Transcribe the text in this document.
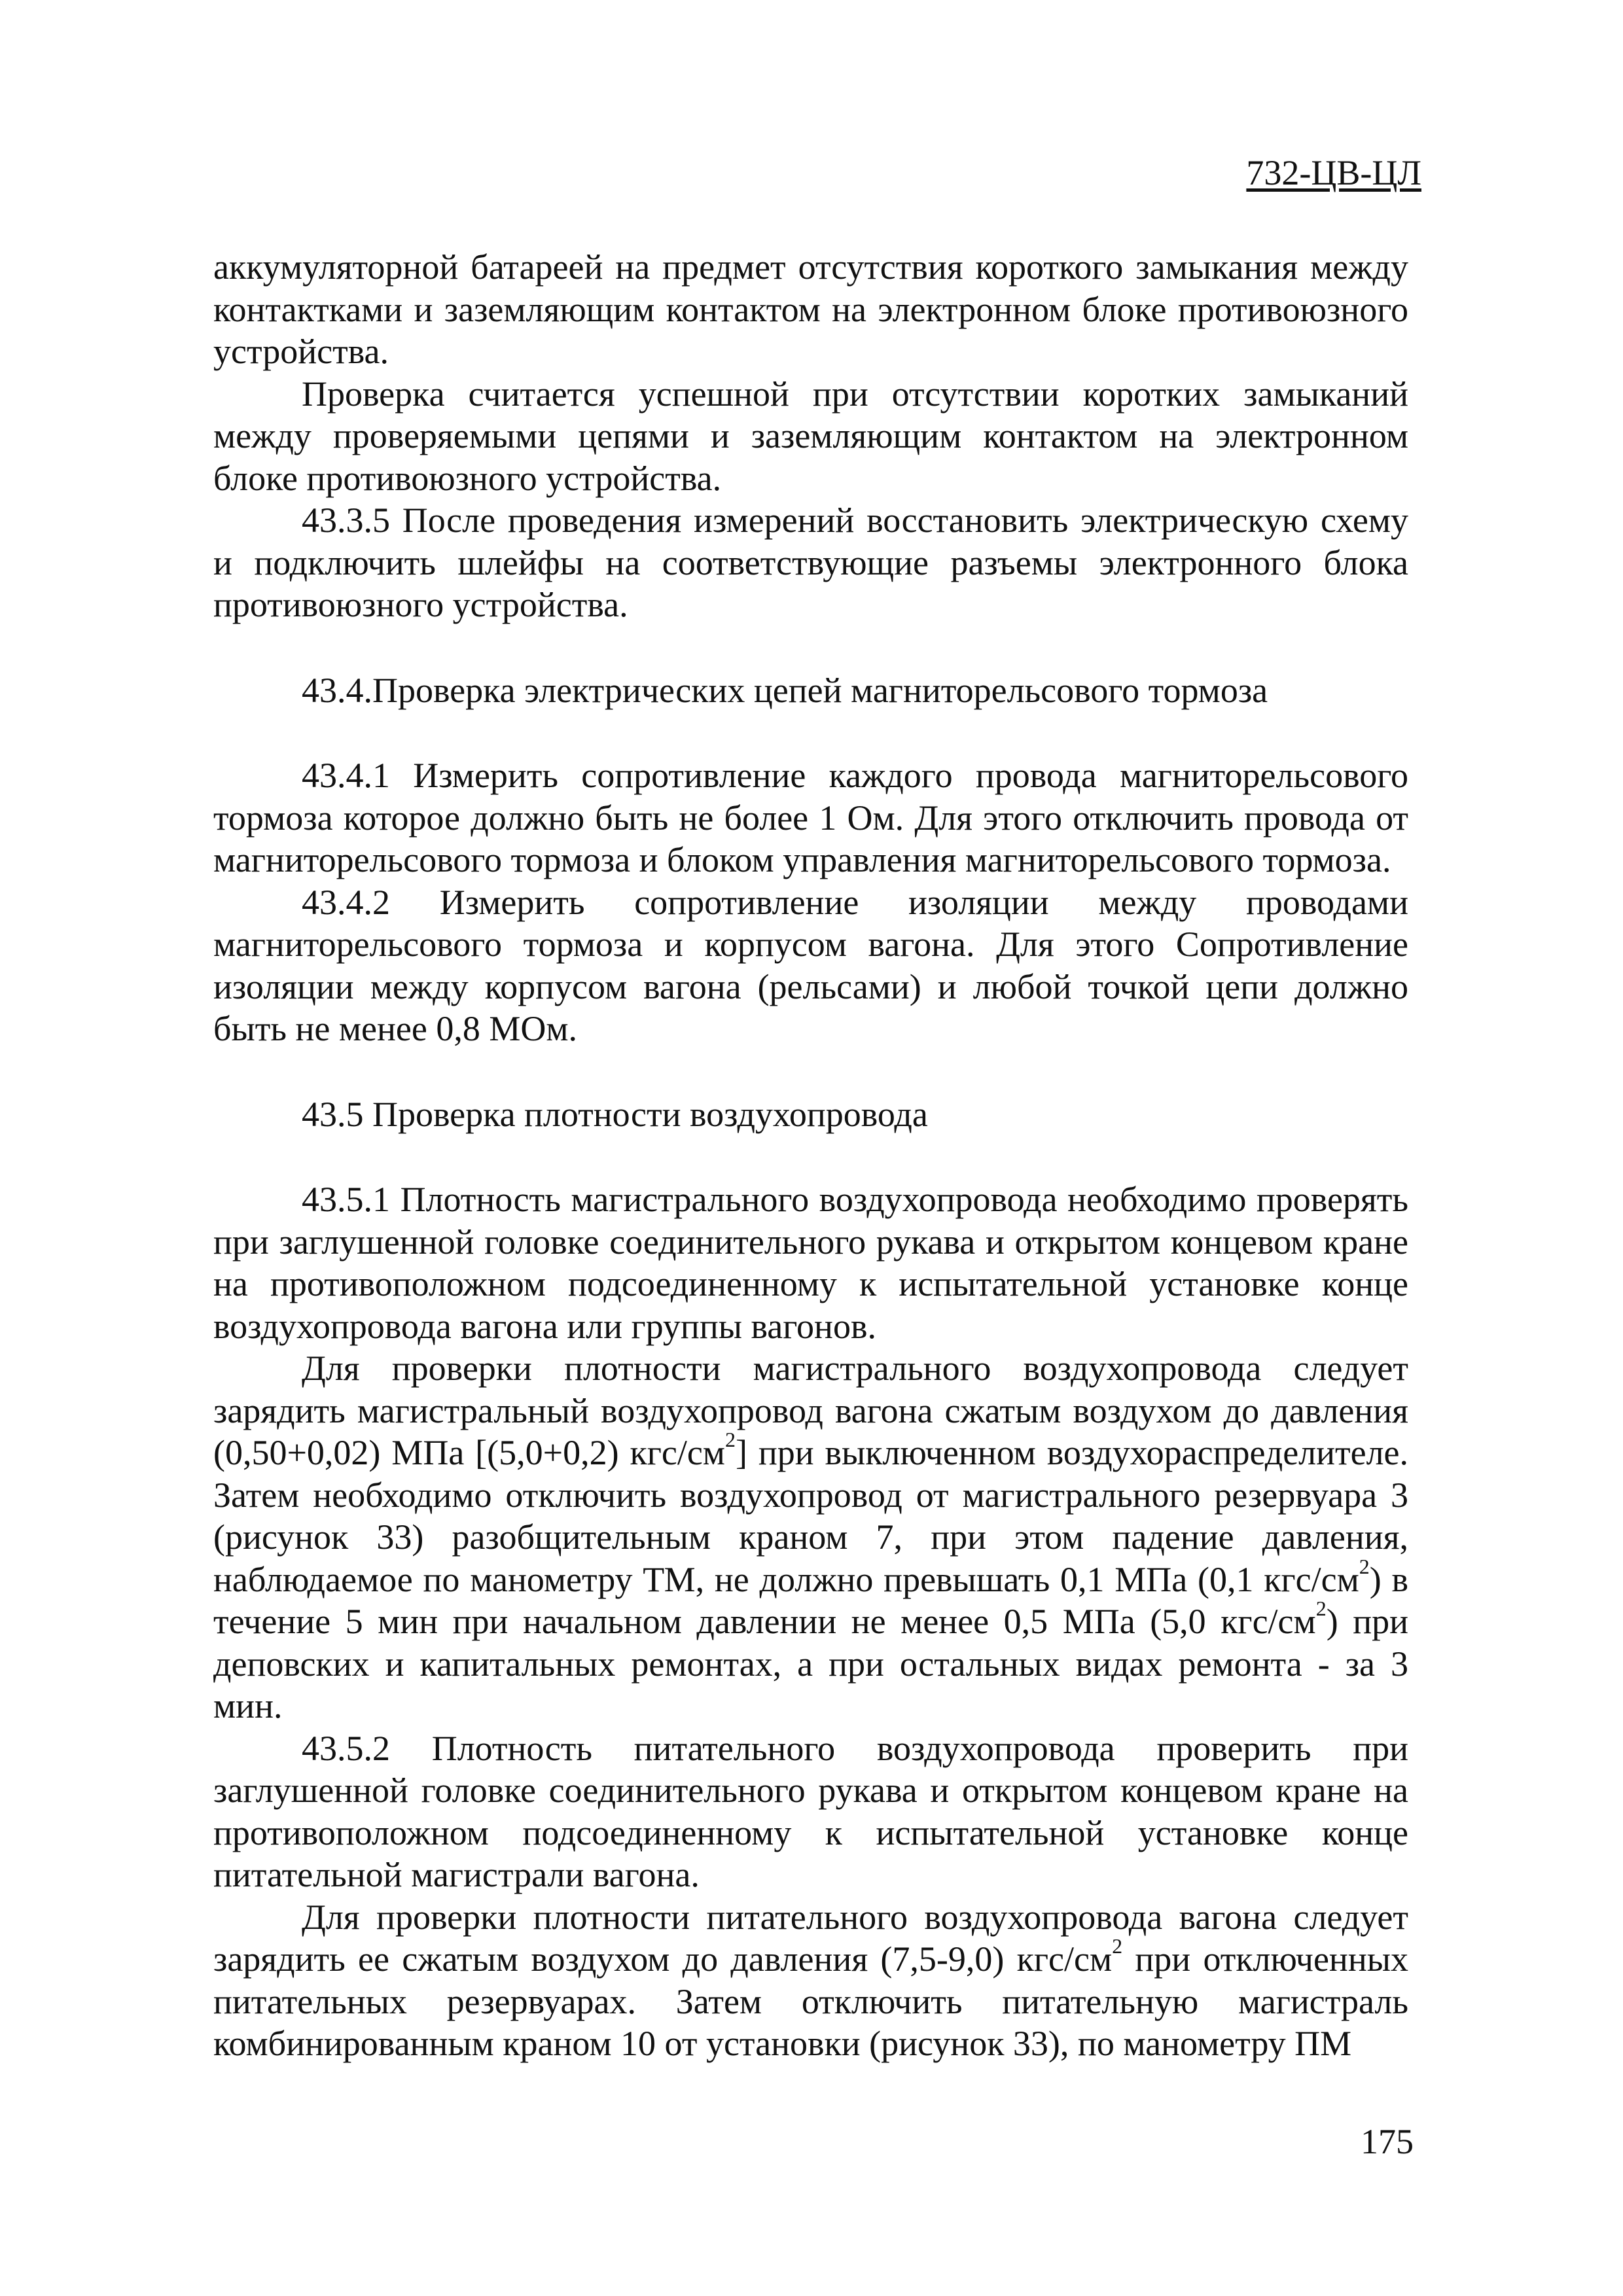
732-ЦВ-ЦЛ

аккумуляторной батареей на предмет отсутствия короткого замыкания между контактками и заземляющим контактом на электронном блоке противоюзного устройства.

Проверка считается успешной при отсутствии коротких замыканий между проверяемыми цепями и заземляющим контактом на электронном блоке противоюзного устройства.

43.3.5 После проведения измерений восстановить электрическую схему и подключить шлейфы на соответствующие разъемы электронного блока противоюзного устройства.

43.4.Проверка электрических цепей магниторельсового тормоза

43.4.1 Измерить сопротивление каждого провода магниторельсового тормоза которое должно быть не более 1 Ом. Для этого отключить провода от магниторельсового тормоза и блоком управления магниторельсового тормоза.

43.4.2 Измерить сопротивление изоляции между проводами магниторельсового тормоза и корпусом вагона. Для этого Сопротивление изоляции между корпусом вагона (рельсами) и любой точкой цепи должно быть не менее 0,8 МОм.

43.5 Проверка плотности воздухопровода

43.5.1 Плотность магистрального воздухопровода необходимо проверять при заглушенной головке соединительного рукава и открытом концевом кране на противоположном подсоединенному к испытательной установке конце воздухопровода вагона или группы вагонов.

Для проверки плотности магистрального воздухопровода следует зарядить магистральный воздухопровод вагона сжатым воздухом до давления (0,50+0,02) МПа [(5,0+0,2) кгс/$см^2$] при выключенном воздухораспределителе. Затем необходимо отключить воздухопровод от магистрального резервуара 3 (рисунок 33) разобщительным краном 7, при этом падение давления, наблюдаемое по манометру ТМ, не должно превышать 0,1 МПа (0,1 кгс/$см^2$) в течение 5 мин при начальном давлении не менее 0,5 МПа (5,0 кгс/$см^2$) при деповских и капитальных ремонтах, а при остальных видах ремонта - за 3 мин.

43.5.2 Плотность питательного воздухопровода проверить при заглушенной головке соединительного рукава и открытом концевом кране на противоположном подсоединенному к испытательной установке конце питательной магистрали вагона.

Для проверки плотности питательного воздухопровода вагона следует зарядить ее сжатым воздухом до давления (7,5-9,0) кгс/$см^2$ при отключенных питательных резервуарах. Затем отключить питательную магистраль комбинированным краном 10 от установки (рисунок 33), по манометру ПМ

175
